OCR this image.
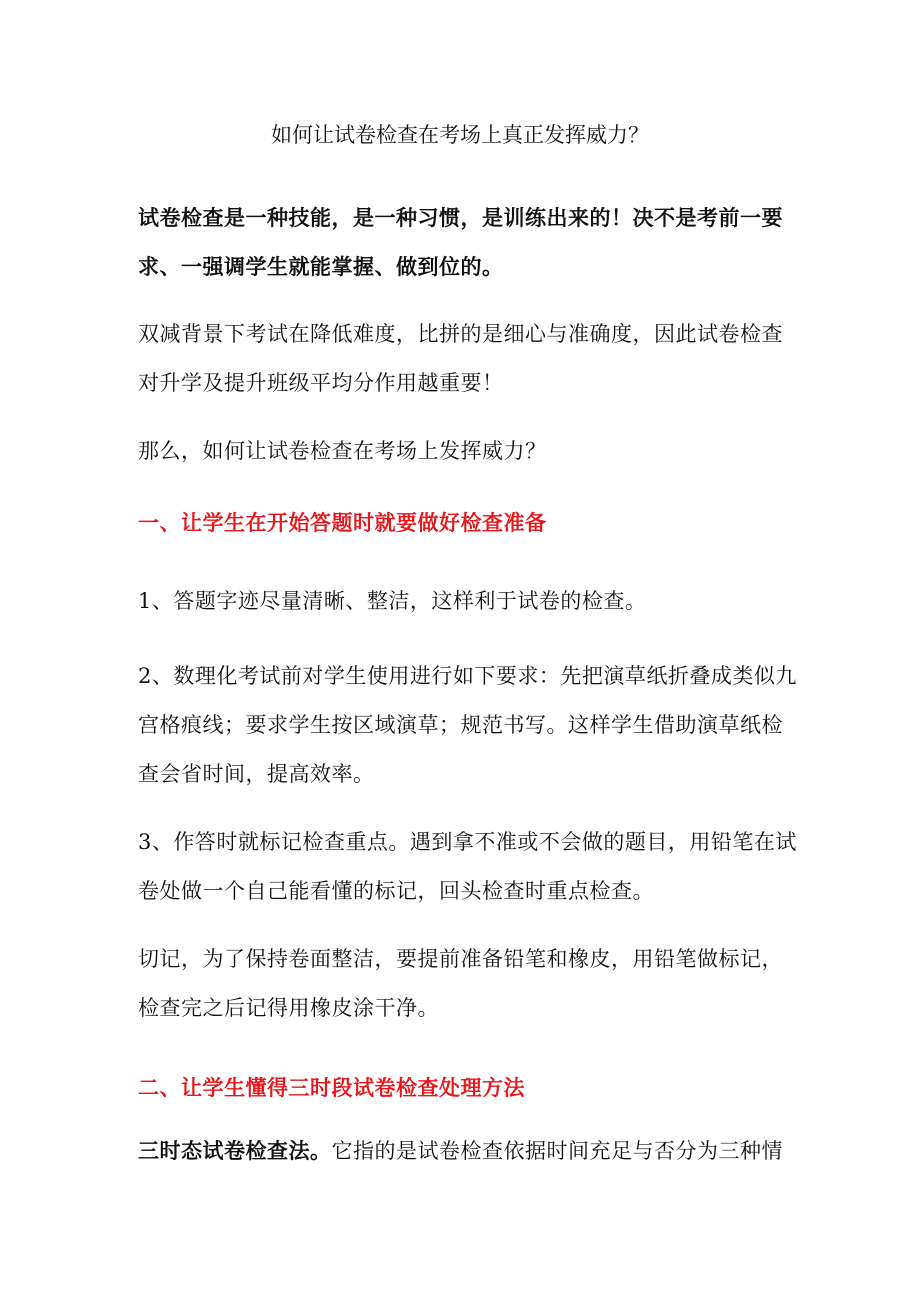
如何让试卷检查在考场上真正发挥威力？

试卷检查是一种技能，是一种习惯，是训练出来的！决不是考前一要求、一强调学生就能掌握、做到位的。

双减背景下考试在降低难度，比拼的是细心与准确度，因此试卷检查对升学及提升班级平均分作用越重要！

那么，如何让试卷检查在考场上发挥威力？

一、让学生在开始答题时就要做好检查准备

1、答题字迹尽量清晰、整洁，这样利于试卷的检查。

2、数理化考试前对学生使用进行如下要求：先把演草纸折叠成类似九宫格痕线；要求学生按区域演草；规范书写。这样学生借助演草纸检查会省时间，提高效率。

3、作答时就标记检查重点。遇到拿不准或不会做的题目，用铅笔在试卷处做一个自己能看懂的标记，回头检查时重点检查。

切记，为了保持卷面整洁，要提前准备铅笔和橡皮，用铅笔做标记，检查完之后记得用橡皮涂干净。

二、让学生懂得三时段试卷检查处理方法

三时态试卷检查法。它指的是试卷检查依据时间充足与否分为三种情
